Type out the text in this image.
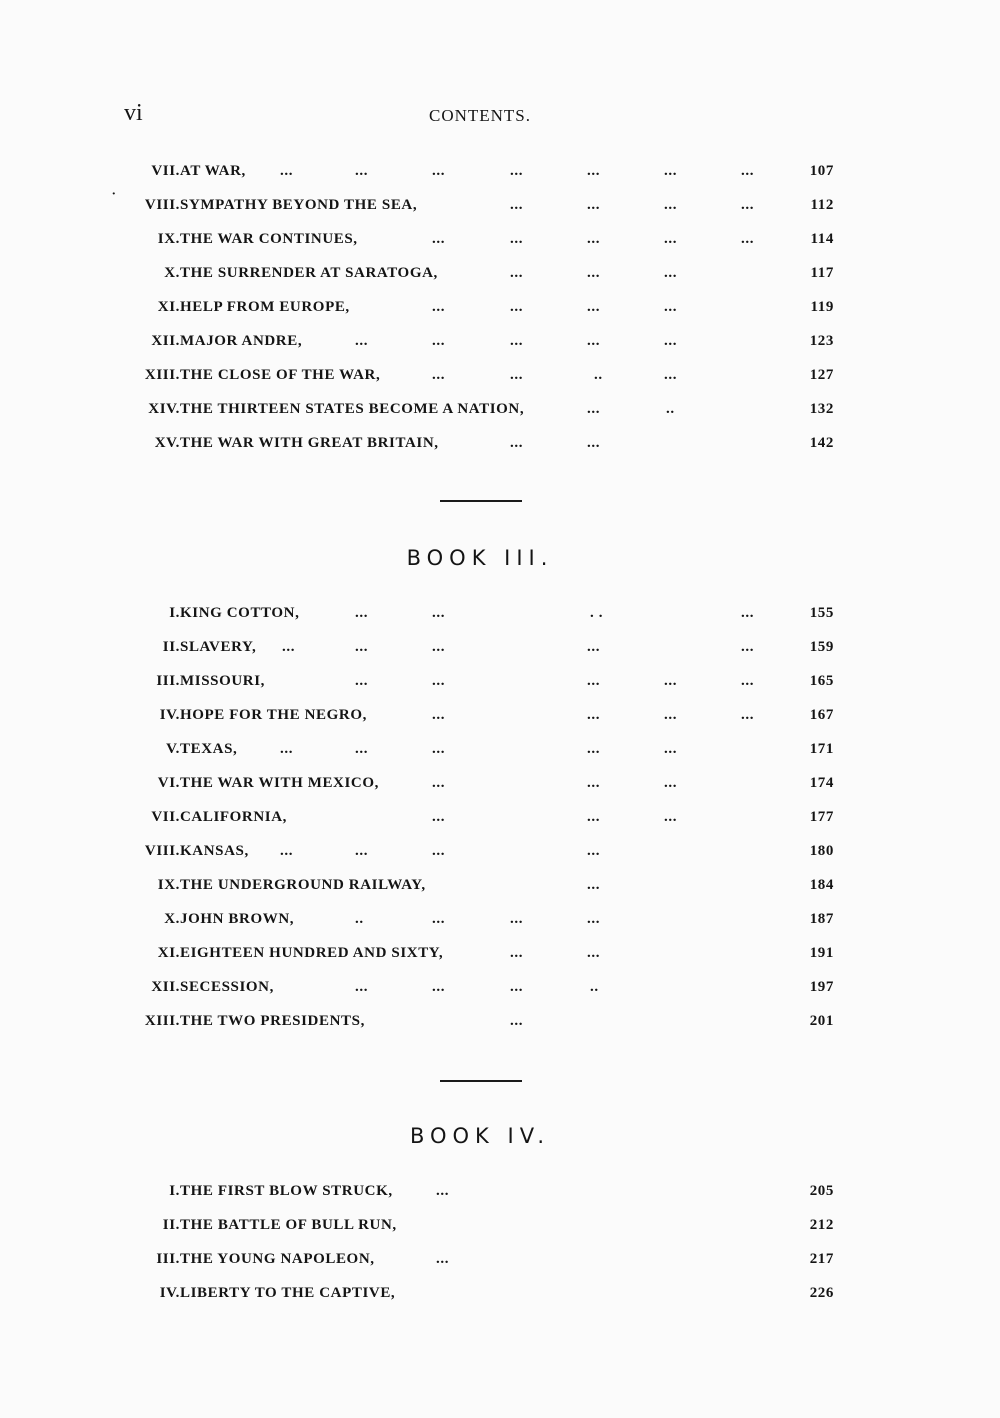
vi	CONTENTS.
VII. AT WAR, ...	...	...	...	...	...	...	107
VIII. SYMPATHY BEYOND THE SEA,	...	...	...	...	112
IX. THE WAR CONTINUES,	...	...	...	...	...	114
X. THE SURRENDER AT SARATOGA,	...	...	...	117
XI. HELP FROM EUROPE,	...	...	...	...	119
XII. MAJOR ANDRE,	...	...	...	...	...	123
XIII. THE CLOSE OF THE WAR,	...	...	..	...	127
XIV. THE THIRTEEN STATES BECOME A NATION,	...	..	132
XV. THE WAR WITH GREAT BRITAIN,	...	...	142
BOOK III.
I. KING COTTON,	...	...	. .	...	155
II. SLAVERY, ...	...	...	...	...	159
III. MISSOURI,	...	...	...	...	...	165
IV. HOPE FOR THE NEGRO,	...	...	...	...	167
V. TEXAS,	...	...	...	...	...	171
VI. THE WAR WITH MEXICO,	...	...	...	174
VII. CALIFORNIA,	...	...	...	177
VIII. KANSAS, ...	...	...	...	180
IX. THE UNDERGROUND RAILWAY,	...	184
X. JOHN BROWN,	..	...	...	...	187
XI. EIGHTEEN HUNDRED AND SIXTY,	...	...	191
XII. SECESSION,	...	...	...	..	197
XIII. THE TWO PRESIDENTS,	...	201
BOOK IV.
I. THE FIRST BLOW STRUCK,	...	205
II. THE BATTLE OF BULL RUN,	212
III. THE YOUNG NAPOLEON,	...	217
IV. LIBERTY TO THE CAPTIVE,	226
˙
